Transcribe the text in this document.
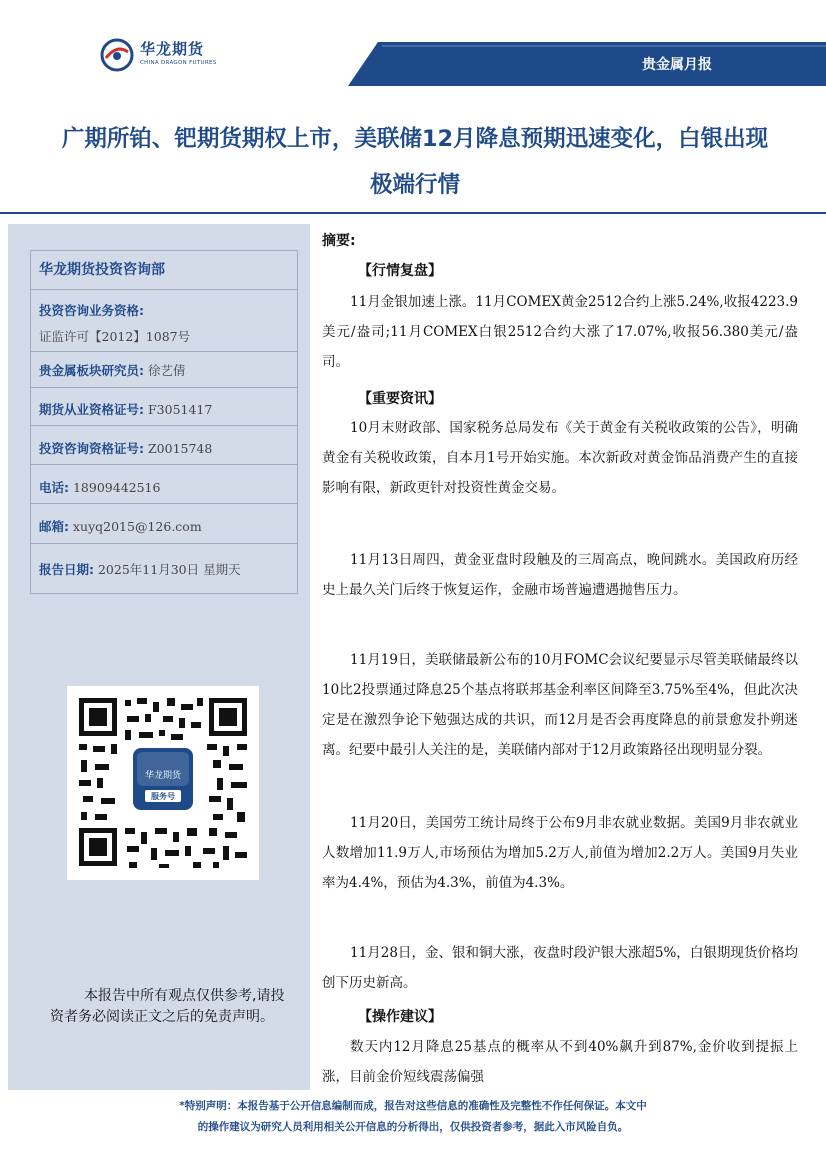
华龙期货
CHINA DRAGON FUTURES	贵金属月报
广期所铂、钯期货期权上市，美联储12月降息预期迅速变化，白银出现
极端行情
华龙期货投资咨询部
投资咨询业务资格:
证监许可【2012】1087号
贵金属板块研究员: 徐艺倩
期货从业资格证号: F3051417
投资咨询资格证号: Z0015748
电话: 18909442516
邮箱: xuyq2015@126.com
报告日期: 2025年11月30日 星期天
华龙期货
服务号
本报告中所有观点仅供参考,请投资者务必阅读正文之后的免责声明。
摘要:
【行情复盘】
11月金银加速上涨。11月COMEX黄金2512合约上涨5.24%,收报4223.9美元/盎司;11月COMEX白银2512合约大涨了17.07%,收报56.380美元/盎司。
【重要资讯】
10月末财政部、国家税务总局发布《关于黄金有关税收政策的公告》，明确黄金有关税收政策，自本月1号开始实施。本次新政对黄金饰品消费产生的直接影响有限，新政更针对投资性黄金交易。
11月13日周四，黄金亚盘时段触及的三周高点，晚间跳水。美国政府历经史上最久关门后终于恢复运作，金融市场普遍遭遇抛售压力。
11月19日，美联储最新公布的10月FOMC会议纪要显示尽管美联储最终以10比2投票通过降息25个基点将联邦基金利率区间降至3.75%至4%，但此次决定是在激烈争论下勉强达成的共识，而12月是否会再度降息的前景愈发扑朔迷离。纪要中最引人关注的是，美联储内部对于12月政策路径出现明显分裂。
11月20日，美国劳工统计局终于公布9月非农就业数据。美国9月非农就业人数增加11.9万人,市场预估为增加5.2万人,前值为增加2.2万人。美国9月失业率为4.4%，预估为4.3%，前值为4.3%。
11月28日，金、银和铜大涨，夜盘时段沪银大涨超5%，白银期现货价格均创下历史新高。
【操作建议】
数天内12月降息25基点的概率从不到40%飙升到87%,金价收到提振上涨，目前金价短线震荡偏强
*特别声明：本报告基于公开信息编制而成，报告对这些信息的准确性及完整性不作任何保证。本文中
的操作建议为研究人员利用相关公开信息的分析得出，仅供投资者参考，据此入市风险自负。
